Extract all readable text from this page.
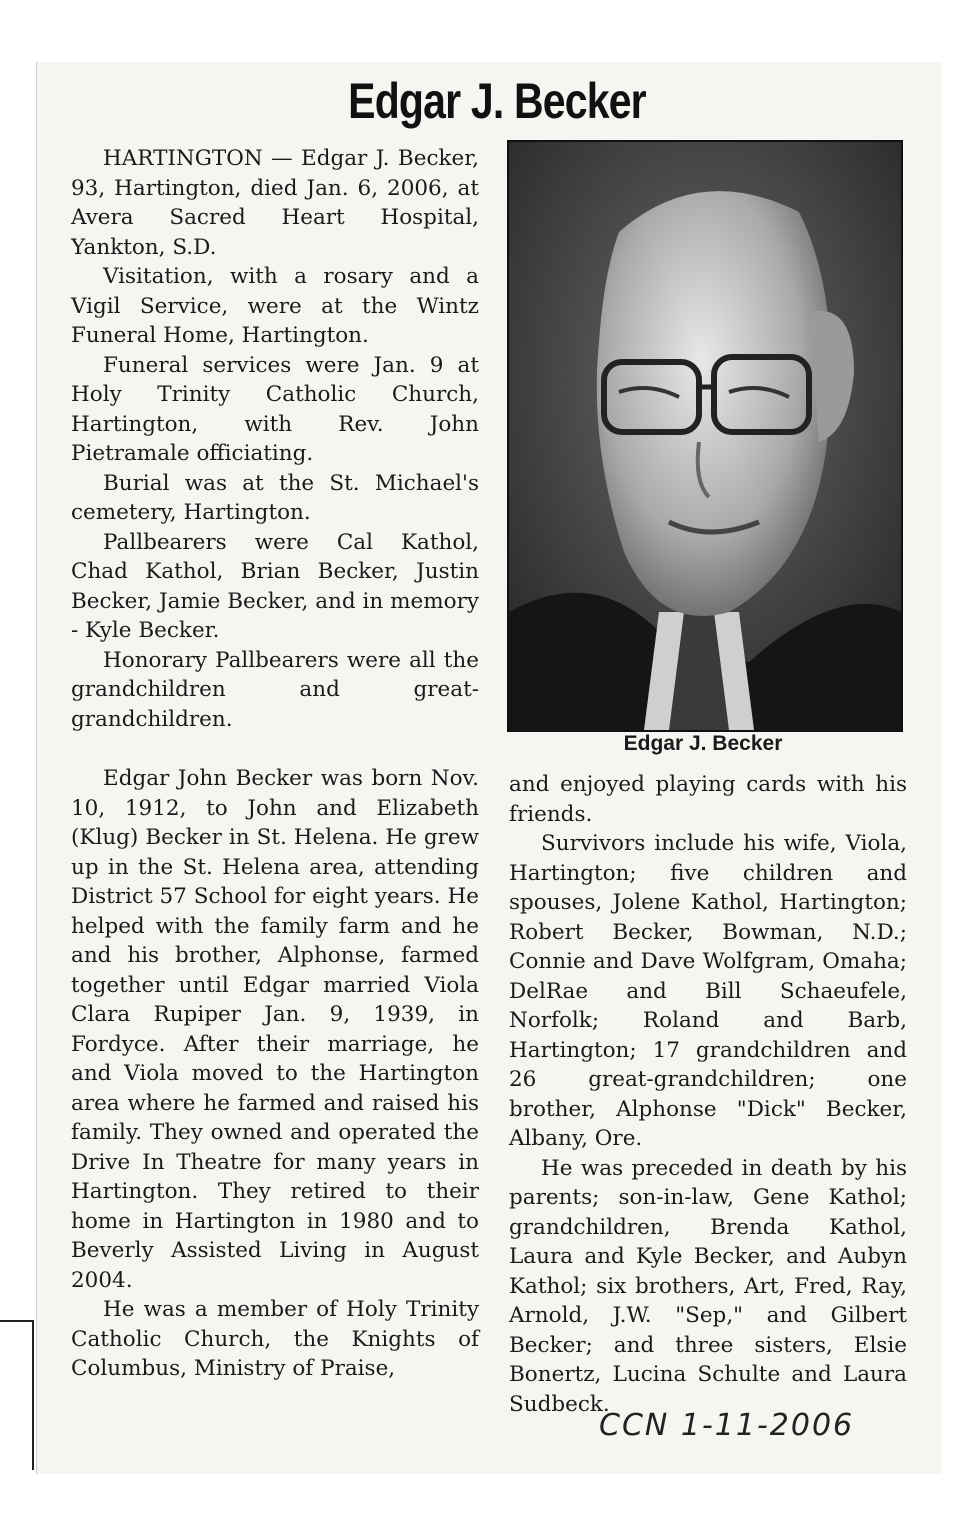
Edgar J. Becker

HARTINGTON — Edgar J. Becker, 93, Hartington, died Jan. 6, 2006, at Avera Sacred Heart Hospital, Yankton, S.D.

Visitation, with a rosary and a Vigil Service, were at the Wintz Funeral Home, Hartington.

Funeral services were Jan. 9 at Holy Trinity Catholic Church, Hartington, with Rev. John Pietramale officiating.

Burial was at the St. Michael's cemetery, Hartington.

Pallbearers were Cal Kathol, Chad Kathol, Brian Becker, Justin Becker, Jamie Becker, and in memory - Kyle Becker.

Honorary Pallbearers were all the grandchildren and great-grandchildren.

Edgar John Becker was born Nov. 10, 1912, to John and Elizabeth (Klug) Becker in St. Helena. He grew up in the St. Helena area, attending District 57 School for eight years. He helped with the family farm and he and his brother, Alphonse, farmed together until Edgar married Viola Clara Rupiper Jan. 9, 1939, in Fordyce. After their marriage, he and Viola moved to the Hartington area where he farmed and raised his family. They owned and operated the Drive In Theatre for many years in Hartington. They retired to their home in Hartington in 1980 and to Beverly Assisted Living in August 2004.

He was a member of Holy Trinity Catholic Church, the Knights of Columbus, Ministry of Praise,

Edgar J. Becker

and enjoyed playing cards with his friends.

Survivors include his wife, Viola, Hartington; five children and spouses, Jolene Kathol, Hartington; Robert Becker, Bowman, N.D.; Connie and Dave Wolfgram, Omaha; DelRae and Bill Schaeufele, Norfolk; Roland and Barb, Hartington; 17 grandchildren and 26 great-grandchildren; one brother, Alphonse "Dick" Becker, Albany, Ore.

He was preceded in death by his parents; son-in-law, Gene Kathol; grandchildren, Brenda Kathol, Laura and Kyle Becker, and Aubyn Kathol; six brothers, Art, Fred, Ray, Arnold, J.W. "Sep," and Gilbert Becker; and three sisters, Elsie Bonertz, Lucina Schulte and Laura Sudbeck.

CCN 1-11-2006
